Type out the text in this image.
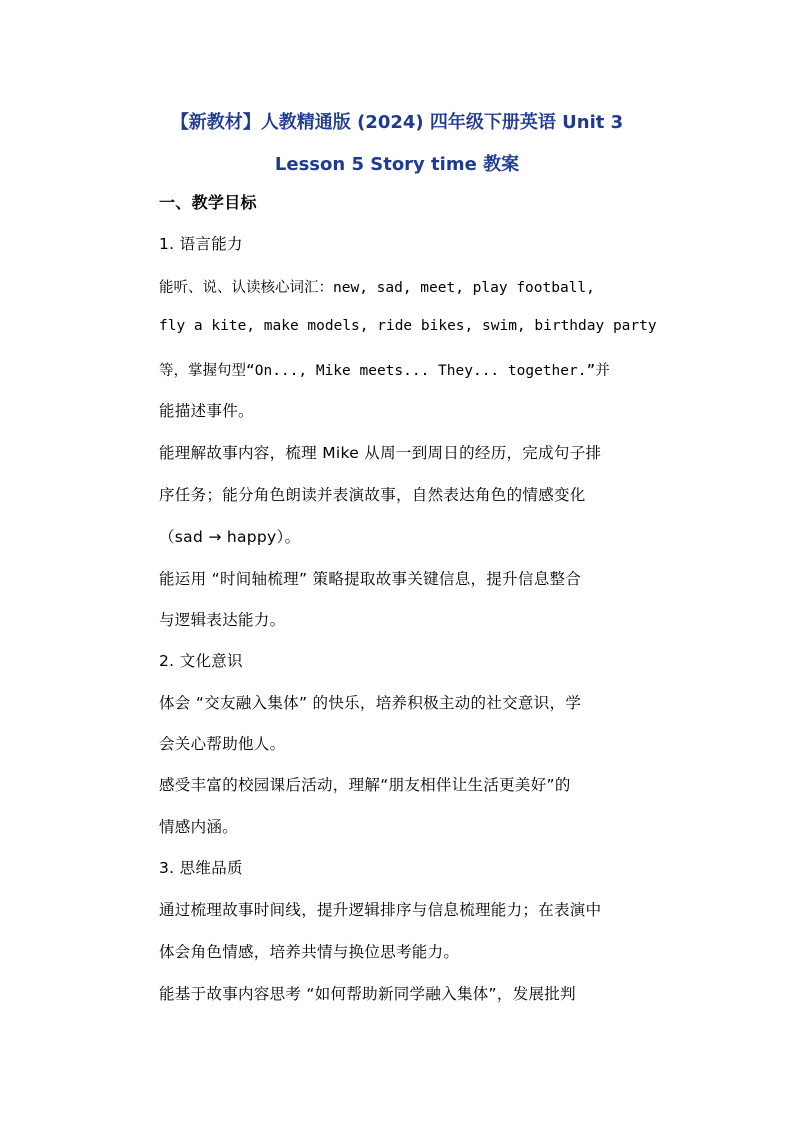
【新教材】人教精通版 (2024) 四年级下册英语 Unit 3
Lesson 5 Story time 教案
一、教学目标
1. 语言能力
能听、说、认读核心词汇：new, sad, meet, play football,
fly a kite, make models, ride bikes, swim, birthday party
等，掌握句型“On..., Mike meets... They... together.”并
能描述事件。
能理解故事内容，梳理 Mike 从周一到周日的经历，完成句子排
序任务；能分角色朗读并表演故事，自然表达角色的情感变化
（sad → happy）。
能运用 “时间轴梳理” 策略提取故事关键信息，提升信息整合
与逻辑表达能力。
2. 文化意识
体会 “交友融入集体” 的快乐，培养积极主动的社交意识，学
会关心帮助他人。
感受丰富的校园课后活动，理解“朋友相伴让生活更美好”的
情感内涵。
3. 思维品质
通过梳理故事时间线，提升逻辑排序与信息梳理能力；在表演中
体会角色情感，培养共情与换位思考能力。
能基于故事内容思考 “如何帮助新同学融入集体”，发展批判
